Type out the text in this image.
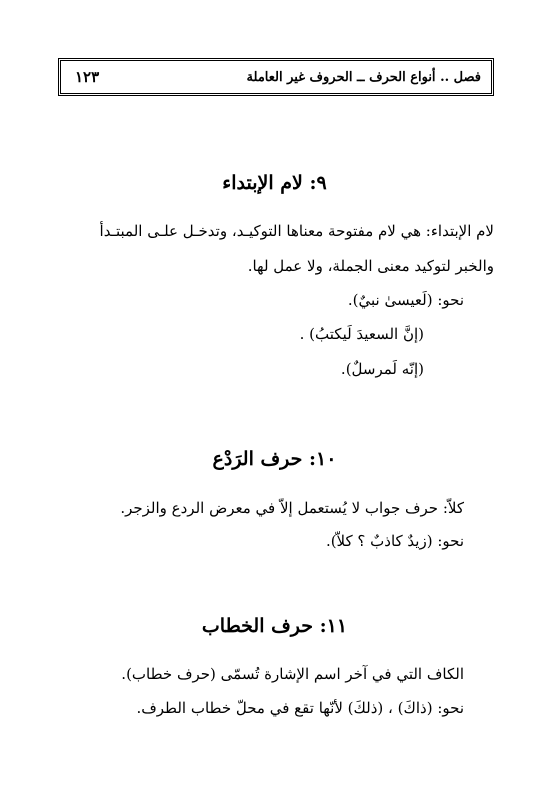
فصل .. أنواع الحرف ــ الحروف غير العاملة
١٢٣
٩: لام الإبتداء
لام الإبتداء: هي لام مفتوحة معناها التوكيـد، وتدخـل علـى المبتـدأ
والخبر لتوكيد معنى الجملة، ولا عمل لها.
نحو: (لَعيسىٰ نبيٌ).
(إنَّ السعيدَ لَيكتبُ) .
(إنّه لَمرسلٌ).
١٠: حرف الرَدْع
كلاّ: حرف جواب لا يُستعمل إلاّ في معرض الردع والزجر.
نحو: (زيدٌ كاذبٌ ؟ كلاّ).
١١: حرف الخطاب
الكاف التي في آخر اسم الإشارة تُسمّى (حرف خطاب).
نحو: (ذاكَ) ، (ذلكَ) لأنّها تقع في محلّ خطاب الطرف.
